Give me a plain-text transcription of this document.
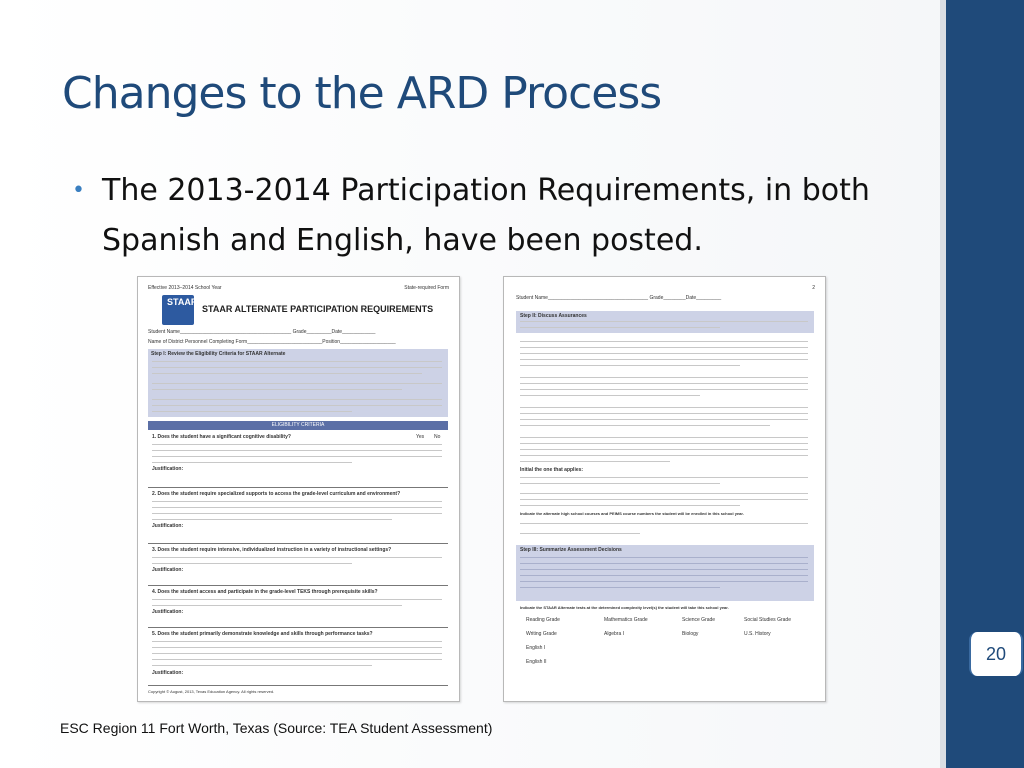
Changes to the ARD Process
• The 2013-2014 Participation Requirements, in both Spanish and English, have been posted.
Effective 2013–2014 School Year	State-required Form
STAAR
STAAR ALTERNATE PARTICIPATION REQUIREMENTS
Student Name________________________________________ Grade_________Date____________
Name of District Personnel Completing Form___________________________Position____________________
Step I: Review the Eligibility Criteria for STAAR Alternate
ELIGIBILITY CRITERIA
1. Does the student have a significant cognitive disability?	Yes No
Justification:
2. Does the student require specialized supports to access the grade-level curriculum and environment?
Justification:
3. Does the student require intensive, individualized instruction in a variety of instructional settings?
Justification:
4. Does the student access and participate in the grade-level TEKS through prerequisite skills?
Justification:
5. Does the student primarily demonstrate knowledge and skills through performance tasks?
Justification:
Copyright © August, 2013, Texas Education Agency. All rights reserved.
2
Student Name____________________________________ Grade________Date_________
Step II: Discuss Assurances
Initial the one that applies:
Indicate the alternate high school courses and PEIMS course numbers the student will be enrolled in this school year.
Step III: Summarize Assessment Decisions
Indicate the STAAR Alternate tests at the determined complexity level(s) the student will take this school year.
Reading Grade	Mathematics Grade	Science Grade	Social Studies Grade
Writing Grade	Algebra I	Biology	U.S. History
English I
English II	20
ESC Region 11 Fort Worth, Texas (Source: TEA Student Assessment)
